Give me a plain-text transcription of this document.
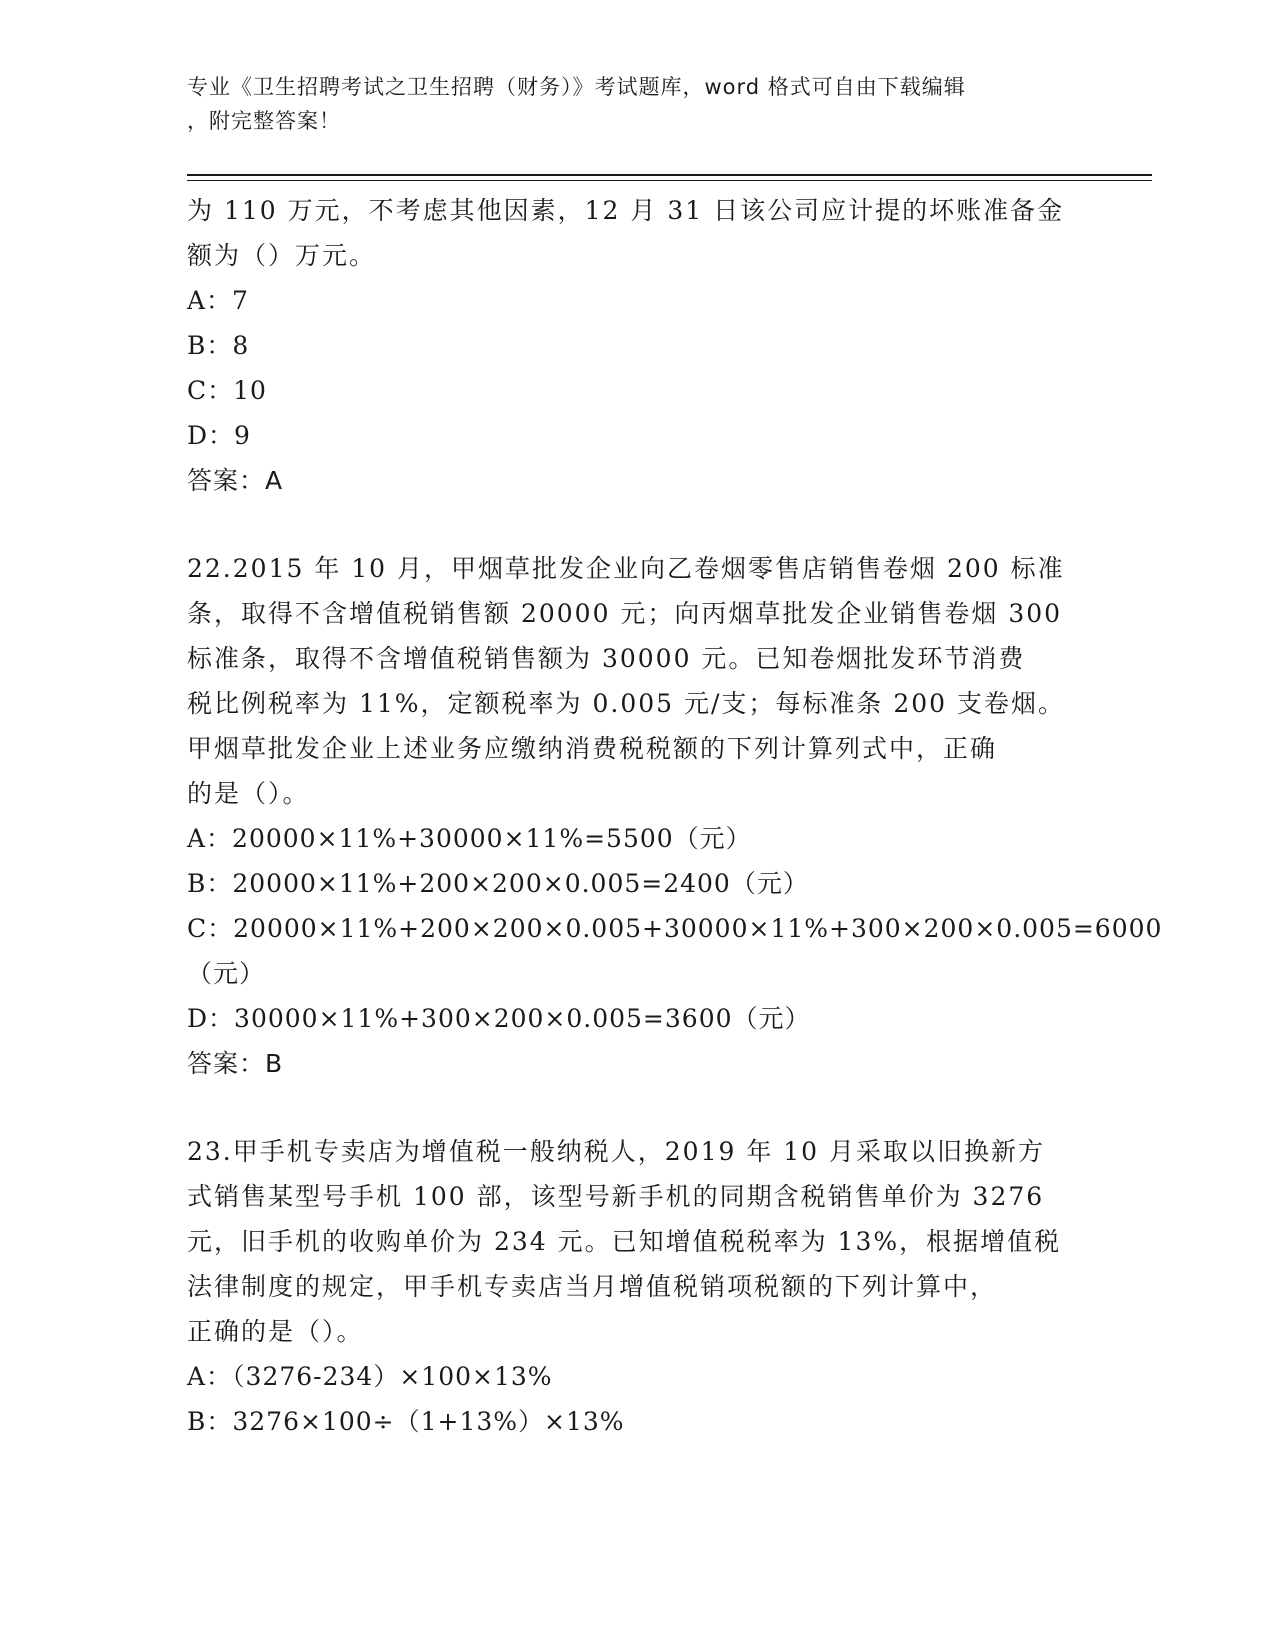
专业《卫生招聘考试之卫生招聘（财务）》考试题库，word 格式可自由下载编辑
，附完整答案！
为 110 万元，不考虑其他因素，12 月 31 日该公司应计提的坏账准备金
额为（）万元。
A：7
B：8
C：10
D：9
答案：A
22.2015 年 10 月，甲烟草批发企业向乙卷烟零售店销售卷烟 200 标准
条，取得不含增值税销售额 20000 元；向丙烟草批发企业销售卷烟 300
标准条，取得不含增值税销售额为 30000 元。已知卷烟批发环节消费
税比例税率为 11%，定额税率为 0.005 元/支；每标准条 200 支卷烟。
甲烟草批发企业上述业务应缴纳消费税税额的下列计算列式中，正确
的是（）。
A：20000×11%+30000×11%=5500（元）
B：20000×11%+200×200×0.005=2400（元）
C：20000×11%+200×200×0.005+30000×11%+300×200×0.005=6000
（元）
D：30000×11%+300×200×0.005=3600（元）
答案：B
23.甲手机专卖店为增值税一般纳税人，2019 年 10 月采取以旧换新方
式销售某型号手机 100 部，该型号新手机的同期含税销售单价为 3276
元，旧手机的收购单价为 234 元。已知增值税税率为 13%，根据增值税
法律制度的规定，甲手机专卖店当月增值税销项税额的下列计算中，
正确的是（）。
A：（3276-234）×100×13%
B：3276×100÷（1+13%）×13%
